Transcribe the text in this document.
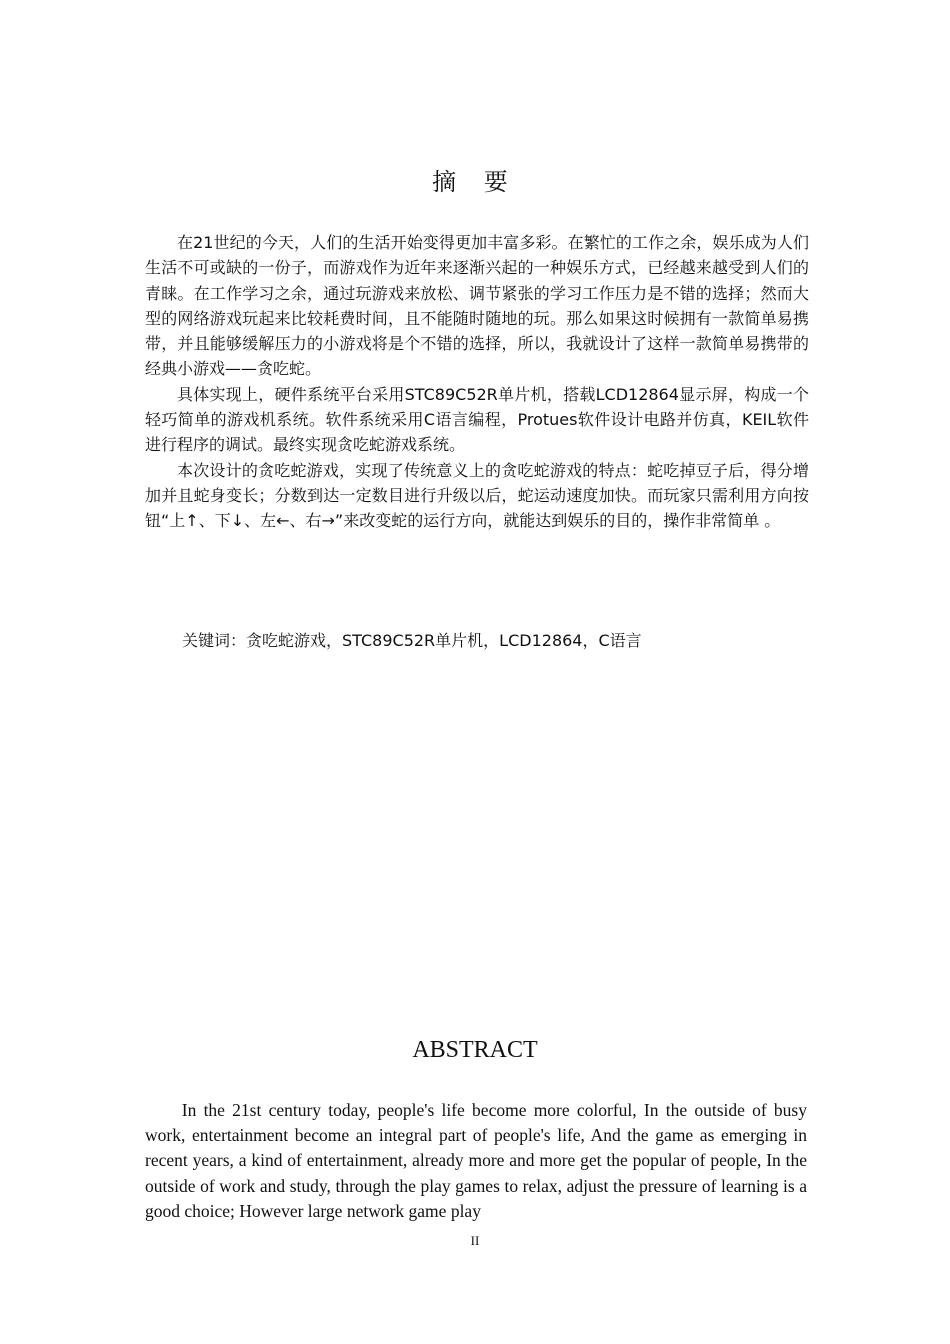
摘 要

在21世纪的今天，人们的生活开始变得更加丰富多彩。在繁忙的工作之余，娱乐成为人们生活不可或缺的一份子，而游戏作为近年来逐渐兴起的一种娱乐方式，已经越来越受到人们的青睐。在工作学习之余，通过玩游戏来放松、调节紧张的学习工作压力是不错的选择；然而大型的网络游戏玩起来比较耗费时间，且不能随时随地的玩。那么如果这时候拥有一款简单易携带，并且能够缓解压力的小游戏将是个不错的选择，所以，我就设计了这样一款简单易携带的经典小游戏——贪吃蛇。

具体实现上，硬件系统平台采用STC89C52R单片机，搭载LCD12864显示屏，构成一个轻巧简单的游戏机系统。软件系统采用C语言编程，Protues软件设计电路并仿真，KEIL软件进行程序的调试。最终实现贪吃蛇游戏系统。

本次设计的贪吃蛇游戏，实现了传统意义上的贪吃蛇游戏的特点：蛇吃掉豆子后，得分增加并且蛇身变长；分数到达一定数目进行升级以后，蛇运动速度加快。而玩家只需利用方向按钮“上↑、下↓、左←、右→”来改变蛇的运行方向，就能达到娱乐的目的，操作非常简单 。

关键词：贪吃蛇游戏，STC89C52R单片机，LCD12864，C语言
ABSTRACT

In the 21st century today, people's life become more colorful, In the outside of busy work, entertainment become an integral part of people's life, And the game as emerging in recent years, a kind of entertainment, already more and more get the popular of people, In the outside of work and study, through the play games to relax, adjust the pressure of learning is a good choice; However large network game play

II
